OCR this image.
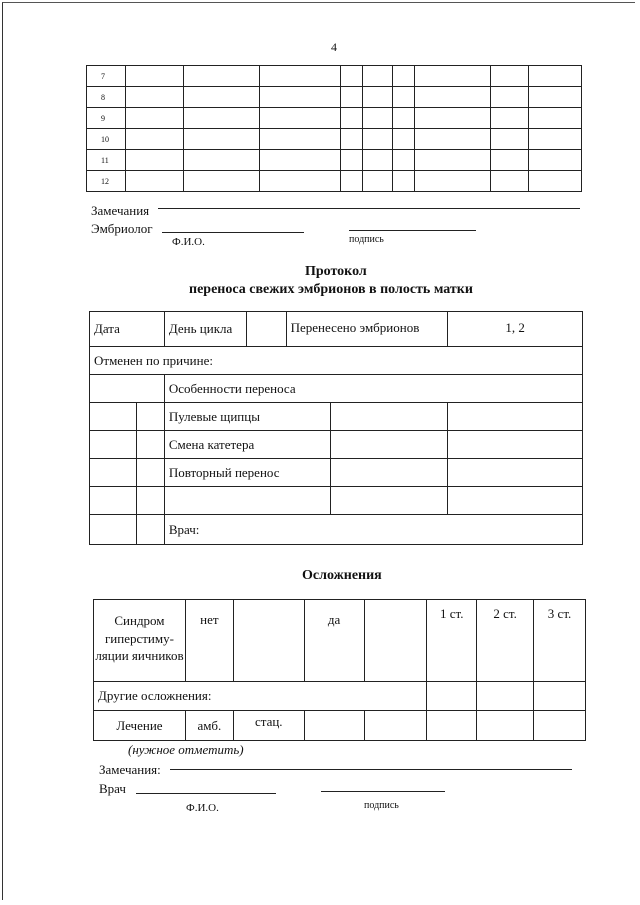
4
7									
8									
9									
10									
11									
12									
Замечания
Эмбриолог
Ф.И.О.	подпись
Протокол
переноса свежих эмбрионов в полость матки
Дата		День цикла		Перенесено эмбрионов		1, 2
Отменен по причине:						
		Особенности переноса				
		Пулевые щипцы				
		Смена катетера				
		Повторный перенос				

		Врач:				
Осложнения
Синдром гиперстиму-ляции яичников	нет		да		1 ст.	2 ст.	3 ст.
Другие осложнения:							
Лечение	амб.	стац.					
(нужное отметить)
Замечания:
Врач
Ф.И.О.	подпись
